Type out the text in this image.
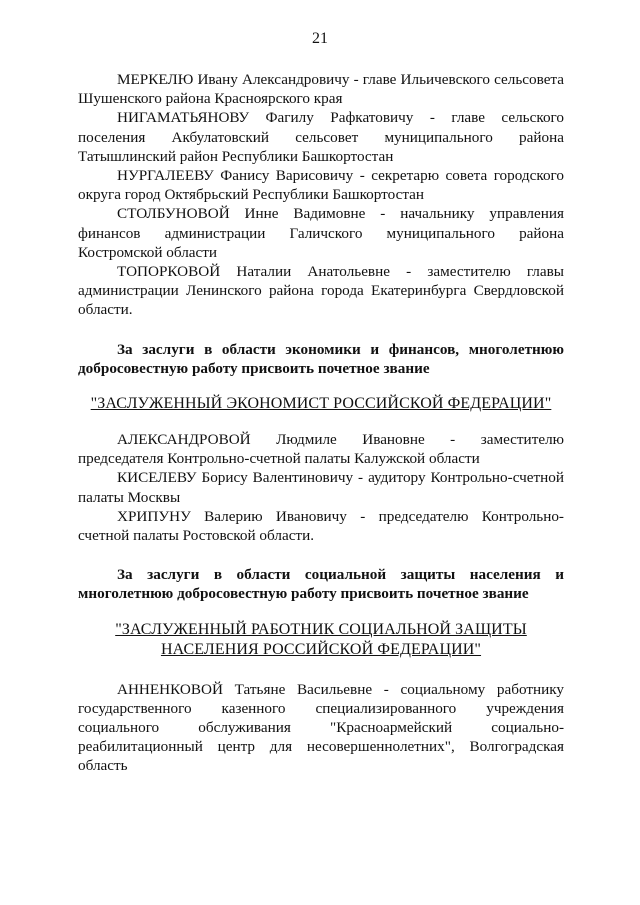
21

МЕРКЕЛЮ Ивану Александровичу - главе Ильичевского сельсовета Шушенского района Красноярского края

НИГАМАТЬЯНОВУ Фагилу Рафкатовичу - главе сельского поселения Акбулатовский сельсовет муниципального района Татышлинский район Республики Башкортостан

НУРГАЛЕЕВУ Фанису Варисовичу - секретарю совета городского округа город Октябрьский Республики Башкортостан

СТОЛБУНОВОЙ Инне Вадимовне - начальнику управления финансов администрации Галичского муниципального района Костромской области

ТОПОРКОВОЙ Наталии Анатольевне - заместителю главы администрации Ленинского района города Екатеринбурга Свердловской области.

За заслуги в области экономики и финансов, многолетнюю добросовестную работу присвоить почетное звание

"ЗАСЛУЖЕННЫЙ ЭКОНОМИСТ РОССИЙСКОЙ ФЕДЕРАЦИИ"

АЛЕКСАНДРОВОЙ Людмиле Ивановне - заместителю председателя Контрольно-счетной палаты Калужской области

КИСЕЛЕВУ Борису Валентиновичу - аудитору Контрольно-счетной палаты Москвы

ХРИПУНУ Валерию Ивановичу - председателю Контрольно-счетной палаты Ростовской области.

За заслуги в области социальной защиты населения и многолетнюю добросовестную работу присвоить почетное звание

"ЗАСЛУЖЕННЫЙ РАБОТНИК СОЦИАЛЬНОЙ ЗАЩИТЫ

НАСЕЛЕНИЯ РОССИЙСКОЙ ФЕДЕРАЦИИ"

АННЕНКОВОЙ Татьяне Васильевне - социальному работнику государственного казенного специализированного учреждения социального обслуживания "Красноармейский социально-реабилитационный центр для несовершеннолетних", Волгоградская область
